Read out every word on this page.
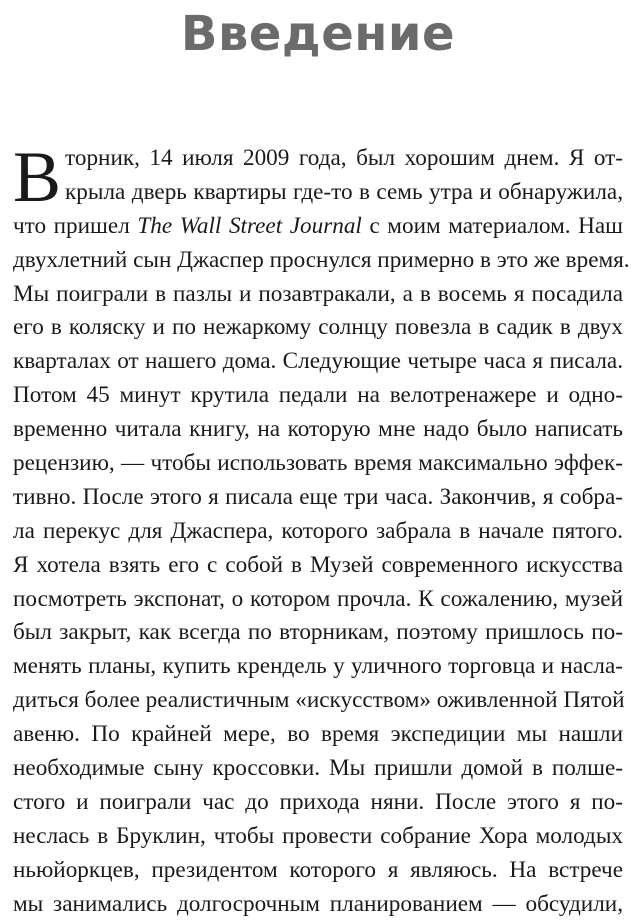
Введение
В торник, 14 июля 2009 года, был хорошим днем. Я от-
крыла дверь квартиры где-то в семь утра и обнаружила,
что пришел The Wall Street Journal с моим материалом. Наш
двухлетний сын Джаспер проснулся примерно в это же время.
Мы поиграли в пазлы и позавтракали, а в восемь я посадила
его в коляску и по нежаркому солнцу повезла в садик в двух
кварталах от нашего дома. Следующие четыре часа я писала.
Потом 45 минут крутила педали на велотренажере и одно-
временно читала книгу, на которую мне надо было написать
рецензию, — чтобы использовать время максимально эффек-
тивно. После этого я писала еще три часа. Закончив, я собра-
ла перекус для Джаспера, которого забрала в начале пятого.
Я хотела взять его с собой в Музей современного искусства
посмотреть экспонат, о котором прочла. К сожалению, музей
был закрыт, как всегда по вторникам, поэтому пришлось по-
менять планы, купить крендель у уличного торговца и насла-
диться более реалистичным «искусством» оживленной Пятой
авеню. По крайней мере, во время экспедиции мы нашли
необходимые сыну кроссовки. Мы пришли домой в полше-
стого и поиграли час до прихода няни. После этого я по-
неслась в Бруклин, чтобы провести собрание Хора молодых
ньюйоркцев, президентом которого я являюсь. На встрече
мы занимались долгосрочным планированием — обсудили,
